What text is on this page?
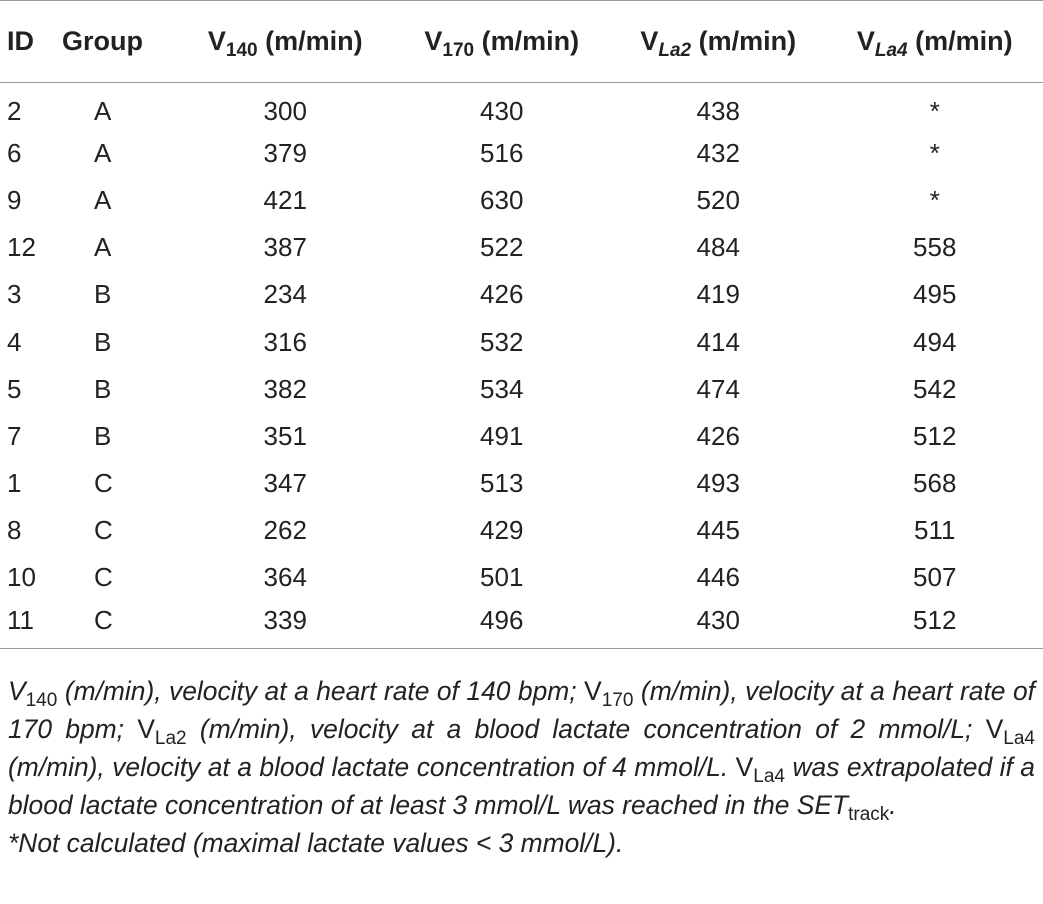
ID	Group	$V_{140}$ (m/min)	$V_{170}$ (m/min)	$V_{La2}$ (m/min)	$V_{La4}$ (m/min)
2	A	300	430	438	*
6	A	379	516	432	*
9	A	421	630	520	*
12	A	387	522	484	558
3	B	234	426	419	495
4	B	316	532	414	494
5	B	382	534	474	542
7	B	351	491	426	512
1	C	347	513	493	568
8	C	262	429	445	511
10	C	364	501	446	507
11	C	339	496	430	512

$V_{140}$ (m/min), velocity at a heart rate of 140 bpm; $V_{170}$ (m/min), velocity at a heart rate of 170 bpm; $V_{La2}$ (m/min), velocity at a blood lactate concentration of 2 mmol/L; $V_{La4}$ (m/min), velocity at a blood lactate concentration of 4 mmol/L. $V_{La4}$ was extrapolated if a blood lactate concentration of at least 3 mmol/L was reached in the $SET_{track}$.

*Not calculated (maximal lactate values < 3 mmol/L).
